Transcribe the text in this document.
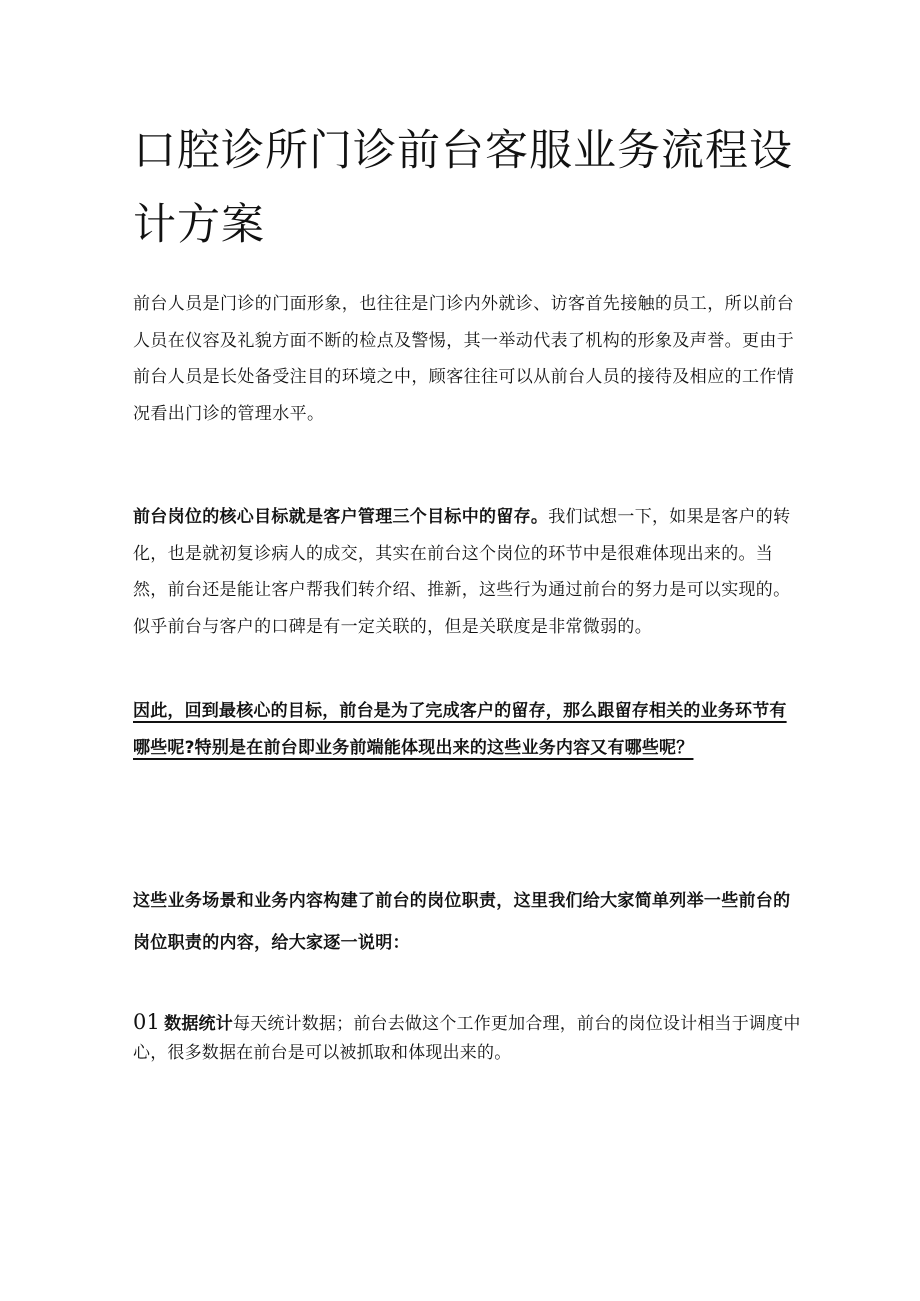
口腔诊所门诊前台客服业务流程设计方案

前台人员是门诊的门面形象，也往往是门诊内外就诊、访客首先接触的员工，所以前台人员在仪容及礼貌方面不断的检点及警惕，其一举动代表了机构的形象及声誉。更由于前台人员是长处备受注目的环境之中，顾客往往可以从前台人员的接待及相应的工作情况看出门诊的管理水平。

前台岗位的核心目标就是客户管理三个目标中的留存。我们试想一下，如果是客户的转化，也是就初复诊病人的成交，其实在前台这个岗位的环节中是很难体现出来的。当然，前台还是能让客户帮我们转介绍、推新，这些行为通过前台的努力是可以实现的。似乎前台与客户的口碑是有一定关联的，但是关联度是非常微弱的。

因此，回到最核心的目标，前台是为了完成客户的留存，那么跟留存相关的业务环节有哪些呢?特别是在前台即业务前端能体现出来的这些业务内容又有哪些呢？

这些业务场景和业务内容构建了前台的岗位职责，这里我们给大家简单列举一些前台的岗位职责的内容，给大家逐一说明：

01 数据统计每天统计数据；前台去做这个工作更加合理，前台的岗位设计相当于调度中心，很多数据在前台是可以被抓取和体现出来的。
